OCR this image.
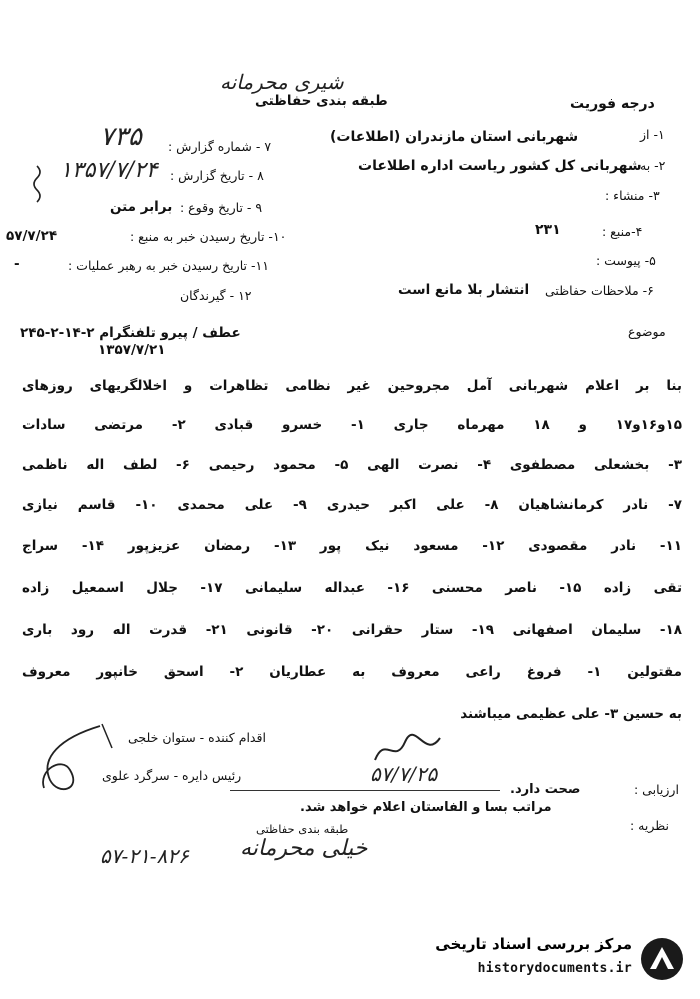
شیری محرمانه
طبقه بندی حفاظتی	درجه فوریت
۷ - شماره گزارش :
۷۳۵
۸ - تاریخ گزارش :
۱۳۵۷/۷/۲۴
۹ - تاریخ وقوع :
برابر متن
۱۰- تاریخ رسیدن خبر به منبع :
۵۷/۷/۲۴
۱۱- تاریخ رسیدن خبر به رهبر عملیات :
-
۱۲ - گیرندگان
۱- از
شهربانی استان مازندران (اطلاعات)
۲- به
شهربانی کل کشور ریاست اداره اطلاعات
۳- منشاء :
۴-منبع :
۲۳۱
۵- پیوست :
۶- ملاحظات حفاظتی
انتشار بلا مانع است
موضوع
عطف / پیرو تلفنگرام ۲-۱۴-۲-۲۴۵
۱۳۵۷/۷/۲۱
بنا بر اعلام شهربانی آمل مجروحین غیر نظامی تظاهرات و اخلالگریهای روزهای
۱۵و۱۶و۱۷ و ۱۸ مهرماه جاری ۱- خسرو قبادی ۲- مرتضی سادات
۳- بخشعلی مصطفوی ۴- نصرت الهی ۵- محمود رحیمی ۶- لطف اله ناظمی
۷- نادر کرمانشاهیان ۸- علی اکبر حیدری ۹- علی محمدی ۱۰- قاسم نیازی
۱۱- نادر مقصودی ۱۲- مسعود نیک پور ۱۳- رمضان عزیزپور ۱۴- سراج
تقی زاده ۱۵- ناصر محسنی ۱۶- عبداله سلیمانی ۱۷- جلال اسمعیل زاده
۱۸- سلیمان اصفهانی ۱۹- ستار حقرانی ۲۰- قانونی ۲۱- قدرت اله رود باری
مقتولین ۱- فروغ راعی معروف به عطاریان ۲- اسحق خانپور معروف
به حسین ۳- علی عظیمی میباشند
اقدام کننده - ستوان خلجی
رئیس دایره - سرگرد علوی	۵۷/۷/۲۵
ارزیابی :
صحت دارد.
نظریه :
مراتب بسا و الفاستان اعلام خواهد شد.
طبقه بندی حفاظتی
خیلی محرمانه
۵۷-۲۱-۸۲۶
مرکز بررسی اسناد تاریخی
historydocuments.ir
